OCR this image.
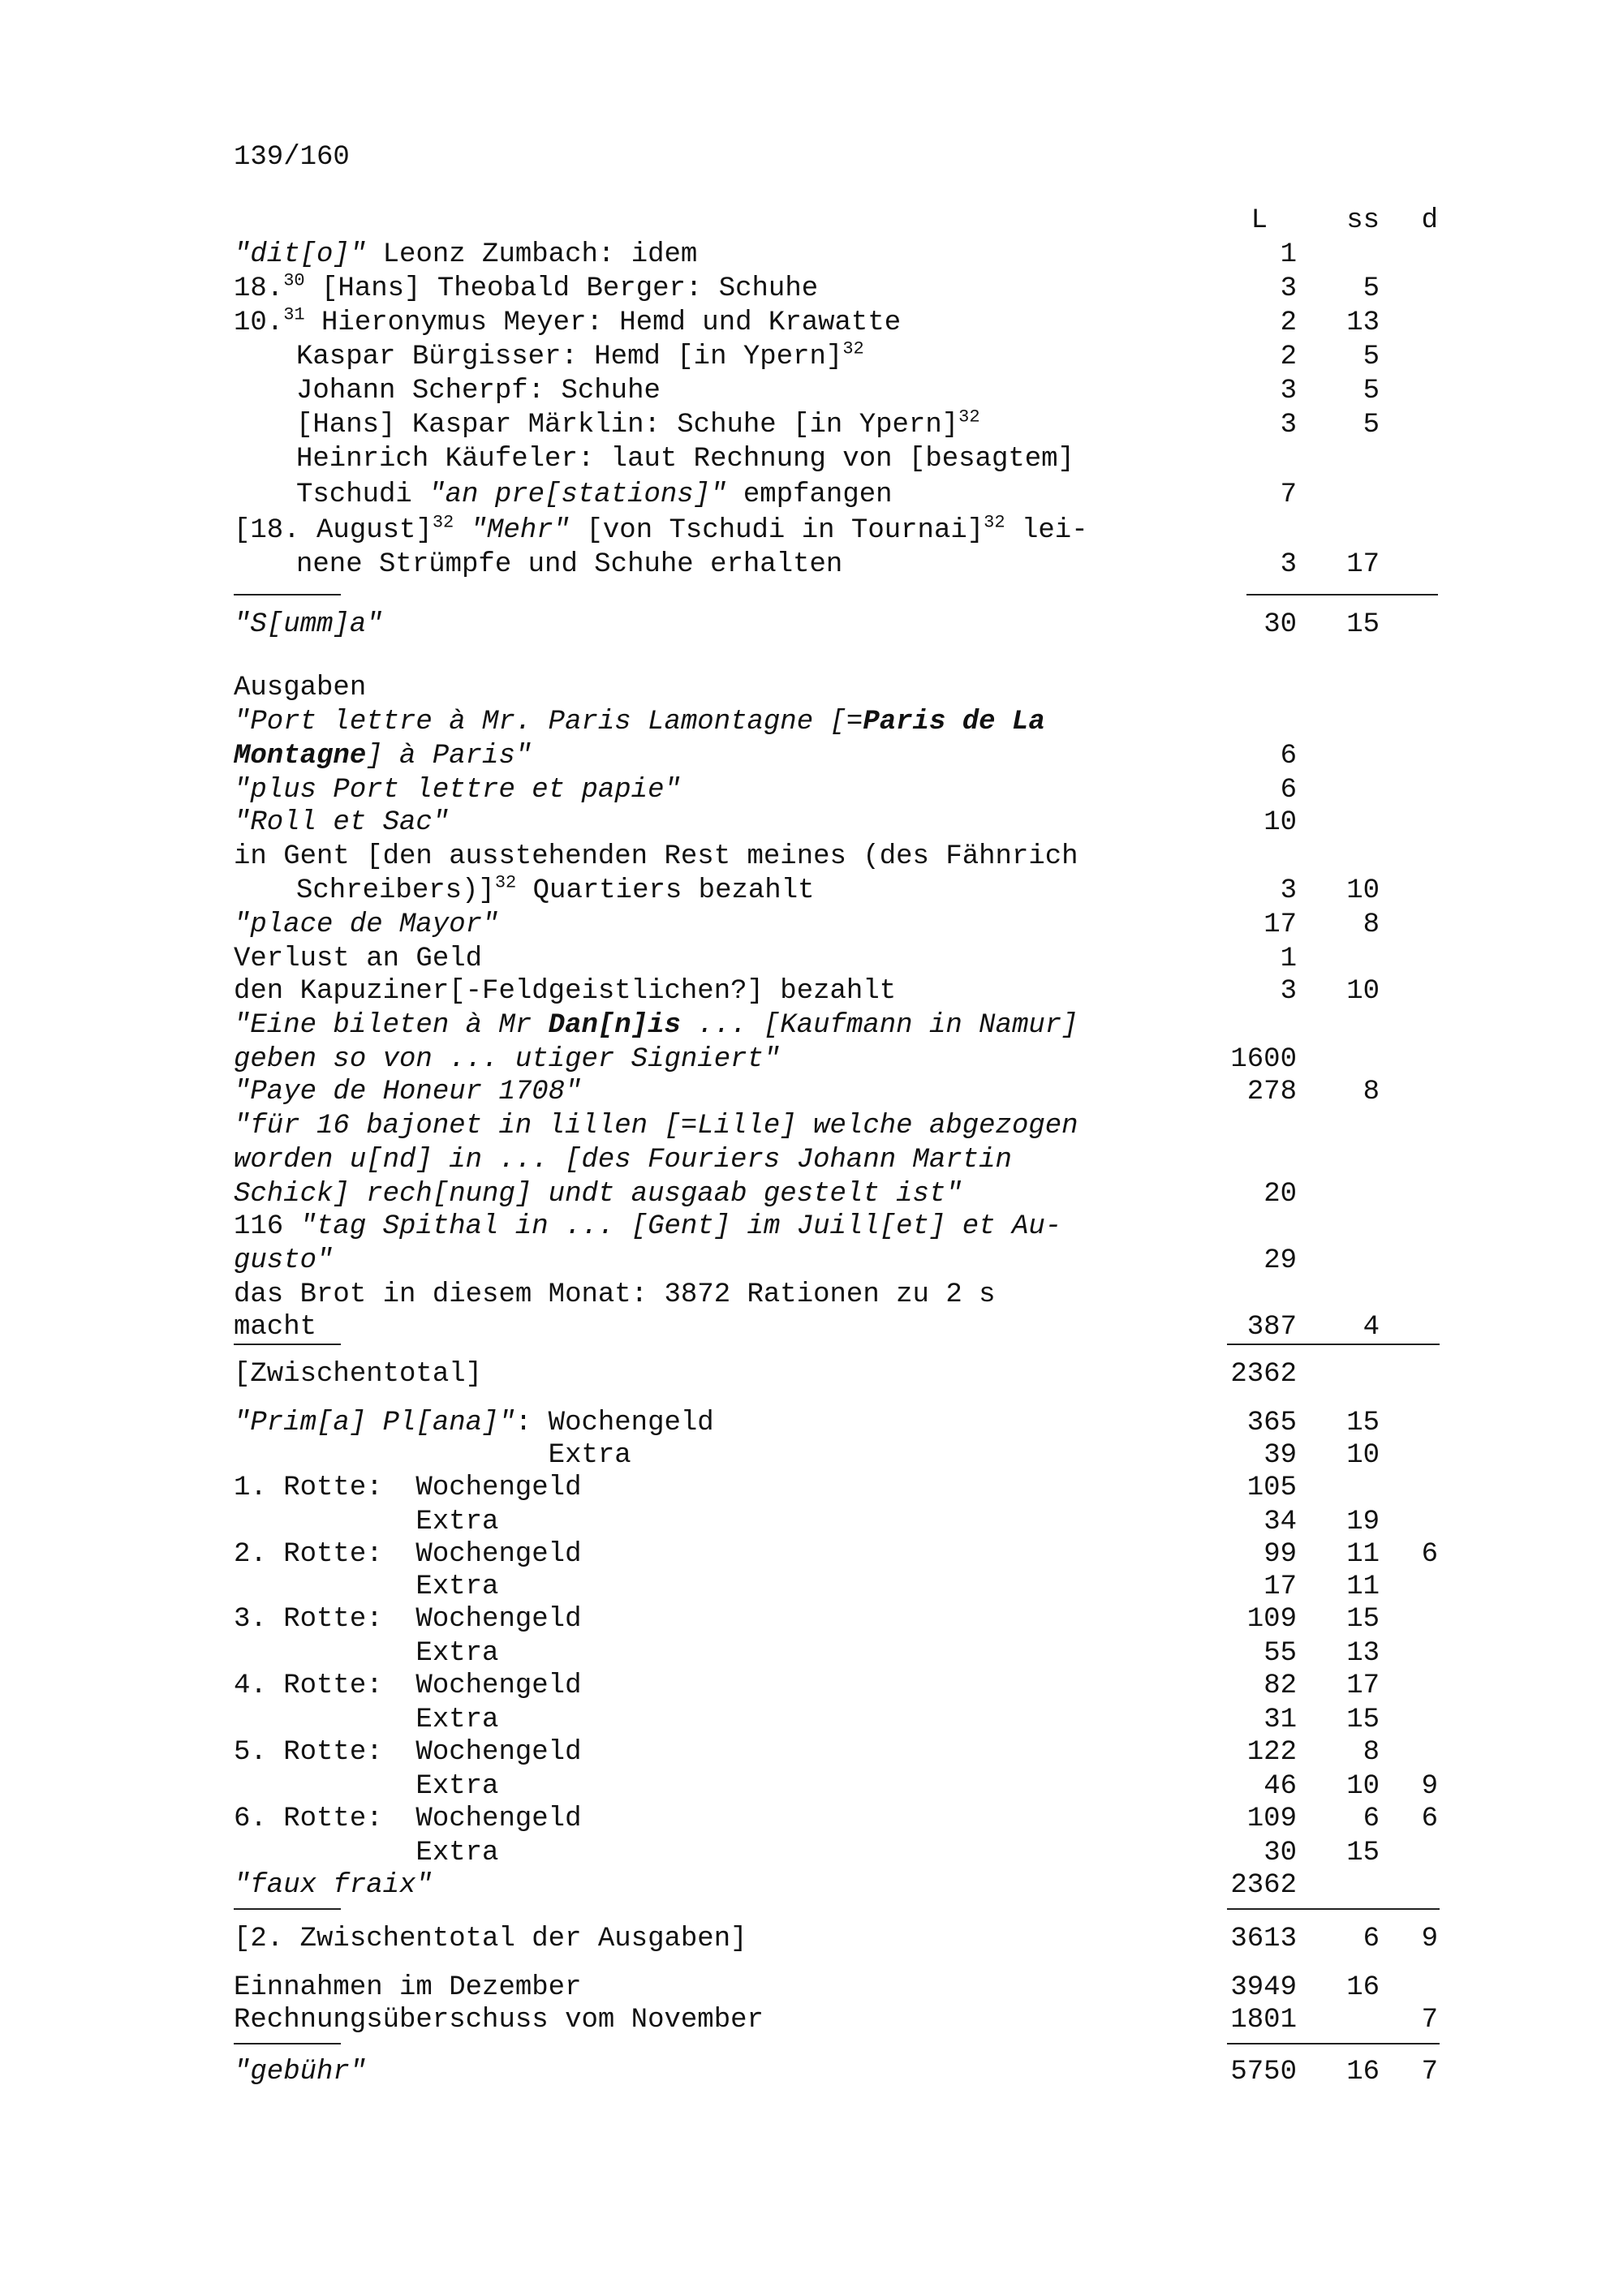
139/160
L	ss d
"dit[o]" Leonz Zumbach: idem	1
18.30 [Hans] Theobald Berger: Schuhe	3 5
10.31 Hieronymus Meyer: Hemd und Krawatte	2 13
Kaspar Bürgisser: Hemd [in Ypern]$^{32}$	2 5
Johann Scherpf: Schuhe	3 5
[Hans] Kaspar Märklin: Schuhe [in Ypern]$^{32}$	3 5
Heinrich Käufeler: laut Rechnung von [besagtem]
Tschudi "an pre[stations]" empfangen	7
[18. August]$^{32}$ "Mehr" [von Tschudi in Tournai]$^{32}$ lei-
nene Strümpfe und Schuhe erhalten	3 17
"S[umm]a"	30 15
Ausgaben
"Port lettre à Mr. Paris Lamontagne [=Paris de La
Montagne] à Paris"	6
"plus Port lettre et papie"	6
"Roll et Sac"	10
in Gent [den ausstehenden Rest meines (des Fähnrich
Schreibers)]$^{32}$ Quartiers bezahlt	3 10
"place de Mayor"	17 8
Verlust an Geld	1
den Kapuziner[-Feldgeistlichen?] bezahlt	3 10
"Eine bileten à Mr Dan[n]is ... [Kaufmann in Namur]
geben so von ... utiger Signiert"	1600
"Paye de Honeur 1708"	278 8
"für 16 bajonet in lillen [=Lille] welche abgezogen
worden u[nd] in ... [des Fouriers Johann Martin
Schick] rech[nung] undt ausgaab gestelt ist"	20
116 "tag Spithal in ... [Gent] im Juill[et] et Au-
gusto"	29
das Brot in diesem Monat: 3872 Rationen zu 2 s
macht	387 4
[Zwischentotal]	2362
"Prim[a] Pl[ana]": Wochengeld	365 15
Extra	39 10
1. Rotte:  Wochengeld	105
Extra	34 19
2. Rotte:  Wochengeld	99 11 6
Extra	17 11
3. Rotte:  Wochengeld	109 15
Extra	55 13
4. Rotte:  Wochengeld	82 17
Extra	31 15
5. Rotte:  Wochengeld	122 8
Extra	46 10 9
6. Rotte:  Wochengeld	109 6 6
Extra	30 15
"faux fraix"	2362
[2. Zwischentotal der Ausgaben]	3613 6 9
Einnahmen im Dezember	3949 16
Rechnungsüberschuss vom November	1801	7
"gebühr"	5750 16 7
